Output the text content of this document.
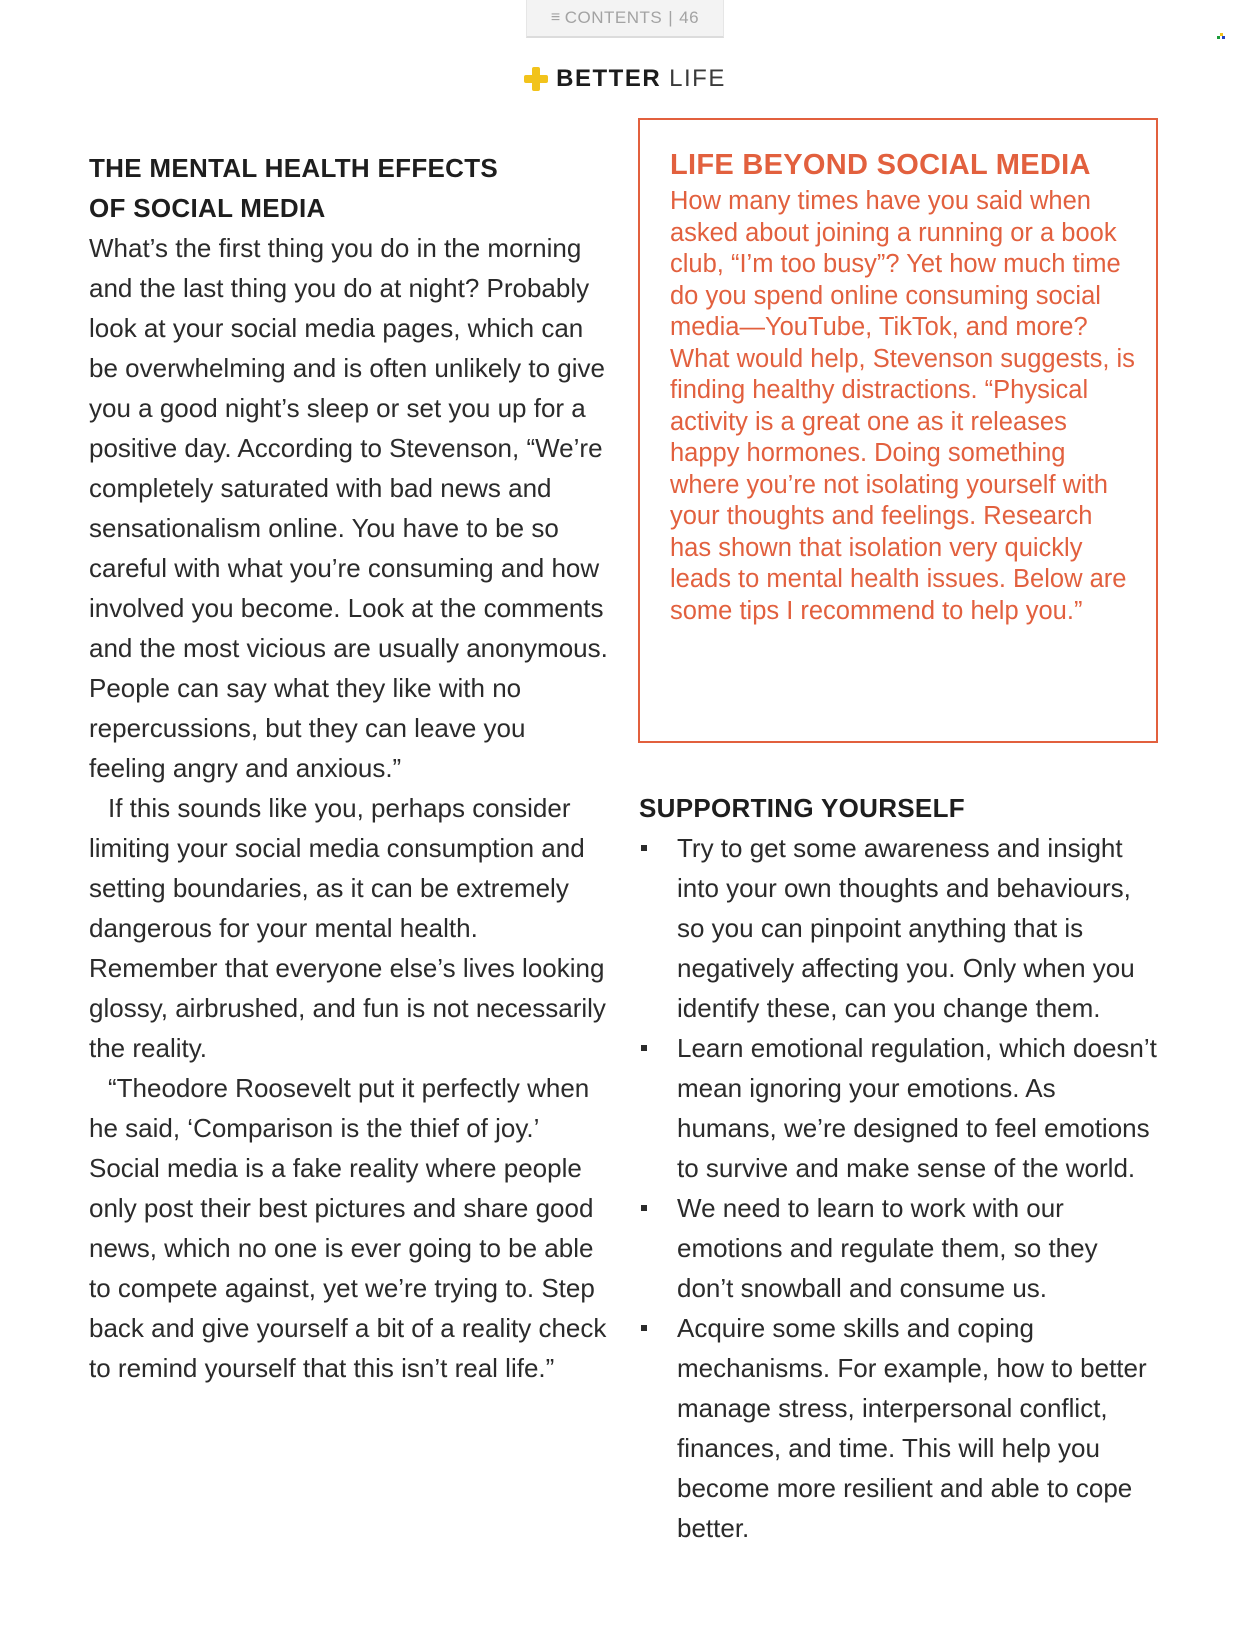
≡ CONTENTS | 46
BETTER LIFE
THE MENTAL HEALTH EFFECTS
OF SOCIAL MEDIA

What’s the first thing you do in the morning and the last thing you do at night? Probably look at your social media pages, which can be overwhelming and is often unlikely to give you a good night’s sleep or set you up for a positive day. According to Stevenson, “We’re completely saturated with bad news and sensationalism online. You have to be so careful with what you’re consuming and how involved you become. Look at the comments and the most vicious are usually anonymous. People can say what they like with no repercussions, but they can leave you feeling angry and anxious.”

If this sounds like you, perhaps consider limiting your social media consumption and setting boundaries, as it can be extremely dangerous for your mental health. Remember that everyone else’s lives looking glossy, airbrushed, and fun is not necessarily the reality.

“Theodore Roosevelt put it perfectly when he said, ‘Comparison is the thief of joy.’ Social media is a fake reality where people only post their best pictures and share good news, which no one is ever going to be able to compete against, yet we’re trying to. Step back and give yourself a bit of a reality check to remind yourself that this isn’t real life.”

LIFE BEYOND SOCIAL MEDIA
How many times have you said when asked about joining a running or a book club, “I’m too busy”? Yet how much time do you spend online consuming social media—YouTube, TikTok, and more? What would help, Stevenson suggests, is finding healthy distractions. “Physical activity is a great one as it releases happy hormones. Doing something where you’re not isolating yourself with your thoughts and feelings. Research has shown that isolation very quickly leads to mental health issues. Below are some tips I recommend to help you.”
SUPPORTING YOURSELF
Try to get some awareness and insight into your own thoughts and behaviours, so you can pinpoint anything that is negatively affecting you. Only when you identify these, can you change them.
Learn emotional regulation, which doesn’t mean ignoring your emotions. As humans, we’re designed to feel emotions to survive and make sense of the world.
We need to learn to work with our emotions and regulate them, so they don’t snowball and consume us.
Acquire some skills and coping mechanisms. For example, how to better manage stress, interpersonal conflict, finances, and time. This will help you become more resilient and able to cope better.
